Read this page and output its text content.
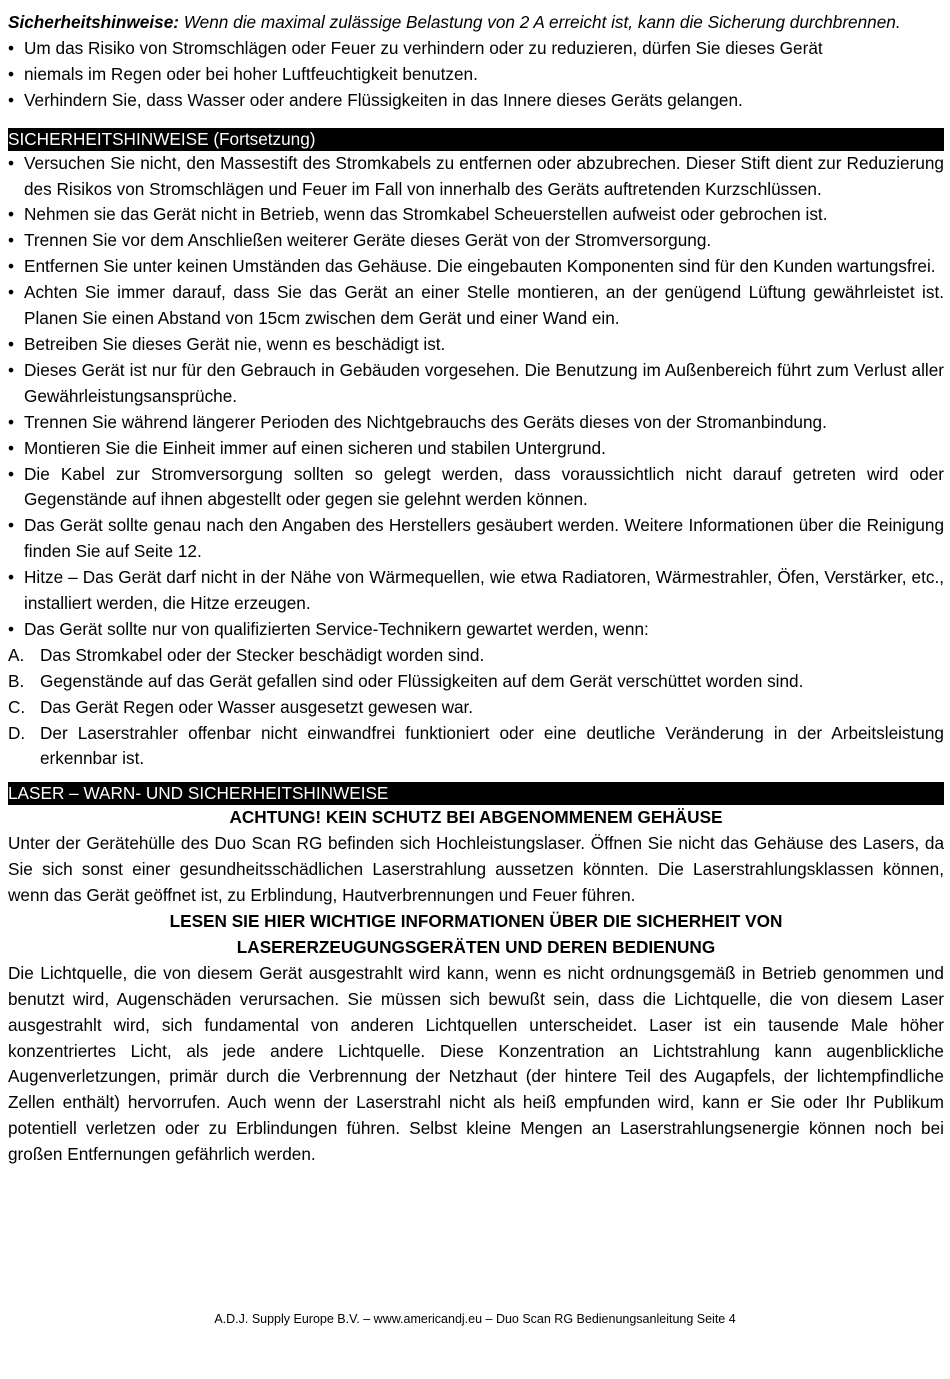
Sicherheitshinweise: Wenn die maximal zulässige Belastung von 2 A erreicht ist, kann die Sicherung durchbrennen.
• Um das Risiko von Stromschlägen oder Feuer zu verhindern oder zu reduzieren, dürfen Sie dieses Gerät
• niemals im Regen oder bei hoher Luftfeuchtigkeit benutzen.
• Verhindern Sie, dass Wasser oder andere Flüssigkeiten in das Innere dieses Geräts gelangen.
SICHERHEITSHINWEISE (Fortsetzung)
• Versuchen Sie nicht, den Massestift des Stromkabels zu entfernen oder abzubrechen. Dieser Stift dient zur Reduzierung des Risikos von Stromschlägen und Feuer im Fall von innerhalb des Geräts auftretenden Kurzschlüssen.
• Nehmen sie das Gerät nicht in Betrieb, wenn das Stromkabel Scheuerstellen aufweist oder gebrochen ist.
• Trennen Sie vor dem Anschließen weiterer Geräte dieses Gerät von der Stromversorgung.
• Entfernen Sie unter keinen Umständen das Gehäuse. Die eingebauten Komponenten sind für den Kunden wartungsfrei.
• Achten Sie immer darauf, dass Sie das Gerät an einer Stelle montieren, an der genügend Lüftung gewährleistet ist. Planen Sie einen Abstand von 15cm zwischen dem Gerät und einer Wand ein.
• Betreiben Sie dieses Gerät nie, wenn es beschädigt ist.
• Dieses Gerät ist nur für den Gebrauch in Gebäuden vorgesehen. Die Benutzung im Außenbereich führt zum Verlust aller Gewährleistungsansprüche.
• Trennen Sie während längerer Perioden des Nichtgebrauchs des Geräts dieses von der Stromanbindung.
• Montieren Sie die Einheit immer auf einen sicheren und stabilen Untergrund.
• Die Kabel zur Stromversorgung sollten so gelegt werden, dass voraussichtlich nicht darauf getreten wird oder Gegenstände auf ihnen abgestellt oder gegen sie gelehnt werden können.
• Das Gerät sollte genau nach den Angaben des Herstellers gesäubert werden. Weitere Informationen über die Reinigung finden Sie auf Seite 12.
• Hitze – Das Gerät darf nicht in der Nähe von Wärmequellen, wie etwa Radiatoren, Wärmestrahler, Öfen, Verstärker, etc., installiert werden, die Hitze erzeugen.
• Das Gerät sollte nur von qualifizierten Service-Technikern gewartet werden, wenn:
A. Das Stromkabel oder der Stecker beschädigt worden sind.
B. Gegenstände auf das Gerät gefallen sind oder Flüssigkeiten auf dem Gerät verschüttet worden sind.
C. Das Gerät Regen oder Wasser ausgesetzt gewesen war.
D. Der Laserstrahler offenbar nicht einwandfrei funktioniert oder eine deutliche Veränderung in der Arbeitsleistung erkennbar ist.
LASER – WARN- UND SICHERHEITSHINWEISE
ACHTUNG! KEIN SCHUTZ BEI ABGENOMMENEM GEHÄUSE

Unter der Gerätehülle des Duo Scan RG befinden sich Hochleistungslaser. Öffnen Sie nicht das Gehäuse des Lasers, da Sie sich sonst einer gesundheitsschädlichen Laserstrahlung aussetzen könnten. Die Laserstrahlungsklassen können, wenn das Gerät geöffnet ist, zu Erblindung, Hautverbrennungen und Feuer führen.

LESEN SIE HIER WICHTIGE INFORMATIONEN ÜBER DIE SICHERHEIT VON
LASERERZEUGUNGSGERÄTEN UND DEREN BEDIENUNG

Die Lichtquelle, die von diesem Gerät ausgestrahlt wird kann, wenn es nicht ordnungsgemäß in Betrieb genommen und benutzt wird, Augenschäden verursachen. Sie müssen sich bewußt sein, dass die Lichtquelle, die von diesem Laser ausgestrahlt wird, sich fundamental von anderen Lichtquellen unterscheidet. Laser ist ein tausende Male höher konzentriertes Licht, als jede andere Lichtquelle. Diese Konzentration an Lichtstrahlung kann augenblickliche Augenverletzungen, primär durch die Verbrennung der Netzhaut (der hintere Teil des Augapfels, der lichtempfindliche Zellen enthält) hervorrufen. Auch wenn der Laserstrahl nicht als heiß empfunden wird, kann er Sie oder Ihr Publikum potentiell verletzen oder zu Erblindungen führen. Selbst kleine Mengen an Laserstrahlungsenergie können noch bei großen Entfernungen gefährlich werden.

A.D.J. Supply Europe B.V. – www.americandj.eu – Duo Scan RG Bedienungsanleitung Seite 4
